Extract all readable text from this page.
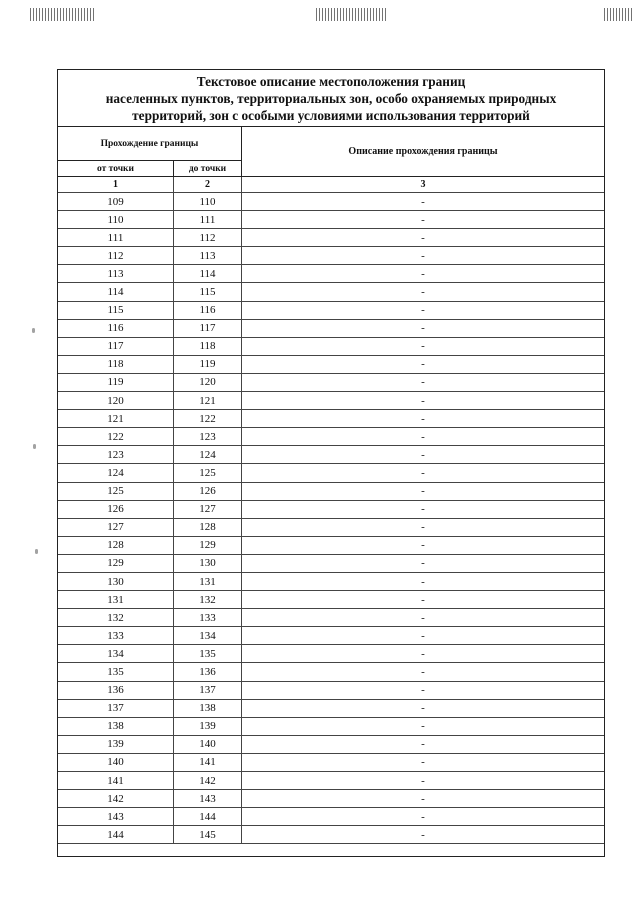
Текстовое описание местоположения границ
населенных пунктов, территориальных зон, особо охраняемых природных
территорий, зон с особыми условиями использования территорий
Прохождение границы
от точки	до точки
Описание прохождения границы
1	2	3
109	110	-
110	111	-
111	112	-
112	113	-
113	114	-
114	115	-
115	116	-
116	117	-
117	118	-
118	119	-
119	120	-
120	121	-
121	122	-
122	123	-
123	124	-
124	125	-
125	126	-
126	127	-
127	128	-
128	129	-
129	130	-
130	131	-
131	132	-
132	133	-
133	134	-
134	135	-
135	136	-
136	137	-
137	138	-
138	139	-
139	140	-
140	141	-
141	142	-
142	143	-
143	144	-
144	145	-
